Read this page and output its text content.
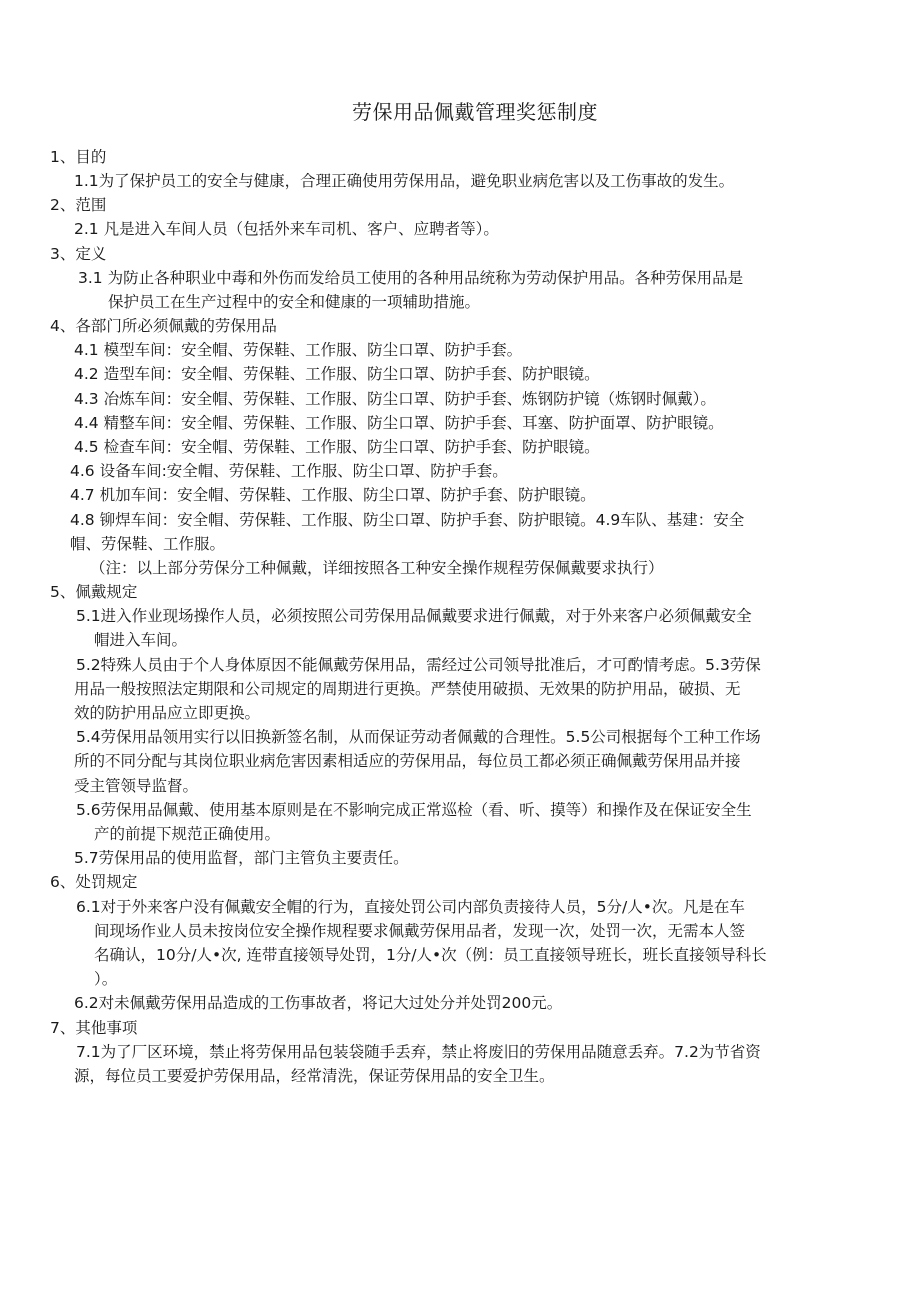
劳保用品佩戴管理奖惩制度

1、目的

1.1为了保护员工的安全与健康，合理正确使用劳保用品，避免职业病危害以及工伤事故的发生。

2、范围

2.1 凡是进入车间人员（包括外来车司机、客户、应聘者等）。

3、定义

3.1 为防止各种职业中毒和外伤而发给员工使用的各种用品统称为劳动保护用品。各种劳保用品是

保护员工在生产过程中的安全和健康的一项辅助措施。

4、各部门所必须佩戴的劳保用品

4.1 模型车间：安全帽、劳保鞋、工作服、防尘口罩、防护手套。

4.2 造型车间：安全帽、劳保鞋、工作服、防尘口罩、防护手套、防护眼镜。

4.3 冶炼车间：安全帽、劳保鞋、工作服、防尘口罩、防护手套、炼钢防护镜（炼钢时佩戴）。

4.4 精整车间：安全帽、劳保鞋、工作服、防尘口罩、防护手套、耳塞、防护面罩、防护眼镜。

4.5 检查车间：安全帽、劳保鞋、工作服、防尘口罩、防护手套、防护眼镜。

4.6 设备车间:安全帽、劳保鞋、工作服、防尘口罩、防护手套。

4.7 机加车间：安全帽、劳保鞋、工作服、防尘口罩、防护手套、防护眼镜。

4.8 铆焊车间：安全帽、劳保鞋、工作服、防尘口罩、防护手套、防护眼镜。4.9车队、基建：安全

帽、劳保鞋、工作服。

（注：以上部分劳保分工种佩戴，详细按照各工种安全操作规程劳保佩戴要求执行）

5、佩戴规定

5.1进入作业现场操作人员，必须按照公司劳保用品佩戴要求进行佩戴，对于外来客户必须佩戴安全

帽进入车间。

5.2特殊人员由于个人身体原因不能佩戴劳保用品，需经过公司领导批准后，才可酌情考虑。5.3劳保

用品一般按照法定期限和公司规定的周期进行更换。严禁使用破损、无效果的防护用品，破损、无

效的防护用品应立即更换。

5.4劳保用品领用实行以旧换新签名制，从而保证劳动者佩戴的合理性。5.5公司根据每个工种工作场

所的不同分配与其岗位职业病危害因素相适应的劳保用品，每位员工都必须正确佩戴劳保用品并接

受主管领导监督。

5.6劳保用品佩戴、使用基本原则是在不影响完成正常巡检（看、听、摸等）和操作及在保证安全生

产的前提下规范正确使用。

5.7劳保用品的使用监督，部门主管负主要责任。

6、处罚规定

6.1对于外来客户没有佩戴安全帽的行为，直接处罚公司内部负责接待人员，5分/人•次。凡是在车

间现场作业人员未按岗位安全操作规程要求佩戴劳保用品者，发现一次，处罚一次，无需本人签

名确认，10分/人•次, 连带直接领导处罚，1分/人•次（例：员工直接领导班长，班长直接领导科长

）。

6.2对未佩戴劳保用品造成的工伤事故者，将记大过处分并处罚200元。

7、其他事项

7.1为了厂区环境，禁止将劳保用品包装袋随手丢弃，禁止将废旧的劳保用品随意丢弃。7.2为节省资

源，每位员工要爱护劳保用品，经常清洗，保证劳保用品的安全卫生。
